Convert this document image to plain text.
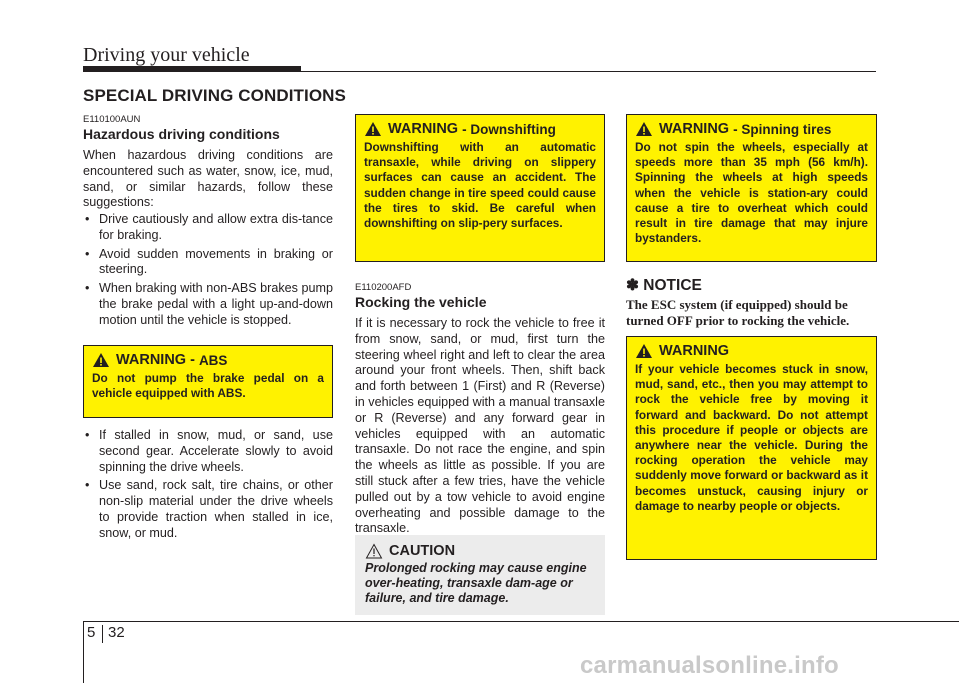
Driving your vehicle
SPECIAL DRIVING CONDITIONS
E110100AUN
Hazardous driving conditions
When hazardous driving conditions are encountered such as water, snow, ice, mud, sand, or similar hazards, follow these suggestions:
• Drive cautiously and allow extra dis-tance for braking.
• Avoid sudden movements in braking or steering.
• When braking with non-ABS brakes pump the brake pedal with a light up-and-down motion until the vehicle is stopped.
WARNING - ABS
Do not pump the brake pedal on a vehicle equipped with ABS.
• If stalled in snow, mud, or sand, use second gear. Accelerate slowly to avoid spinning the drive wheels.
• Use sand, rock salt, tire chains, or other non-slip material under the drive wheels to provide traction when stalled in ice, snow, or mud.
WARNING - Downshifting
Downshifting with an automatic transaxle, while driving on slippery surfaces can cause an accident. The sudden change in tire speed could cause the tires to skid. Be careful when downshifting on slip-pery surfaces.
E110200AFD
Rocking the vehicle
If it is necessary to rock the vehicle to free it from snow, sand, or mud, first turn the steering wheel right and left to clear the area around your front wheels. Then, shift back and forth between 1 (First) and R (Reverse) in vehicles equipped with a manual transaxle or R (Reverse) and any forward gear in vehicles equipped with an automatic transaxle. Do not race the engine, and spin the wheels as little as possible. If you are still stuck after a few tries, have the vehicle pulled out by a tow vehicle to avoid engine overheating and possible damage to the transaxle.
CAUTION
Prolonged rocking may cause engine over-heating, transaxle dam-age or failure, and tire damage.
WARNING - Spinning tires
Do not spin the wheels, especially at speeds more than 35 mph (56 km/h). Spinning the wheels at high speeds when the vehicle is station-ary could cause a tire to overheat which could result in tire damage that may injure bystanders.
✽ NOTICE
The ESC system (if equipped) should be turned OFF prior to rocking the vehicle.
WARNING
If your vehicle becomes stuck in snow, mud, sand, etc., then you may attempt to rock the vehicle free by moving it forward and backward. Do not attempt this procedure if people or objects are anywhere near the vehicle. During the rocking operation the vehicle may suddenly move forward or backward as it becomes unstuck, causing injury or damage to nearby people or objects.
5 32
carmanualsonline.info
